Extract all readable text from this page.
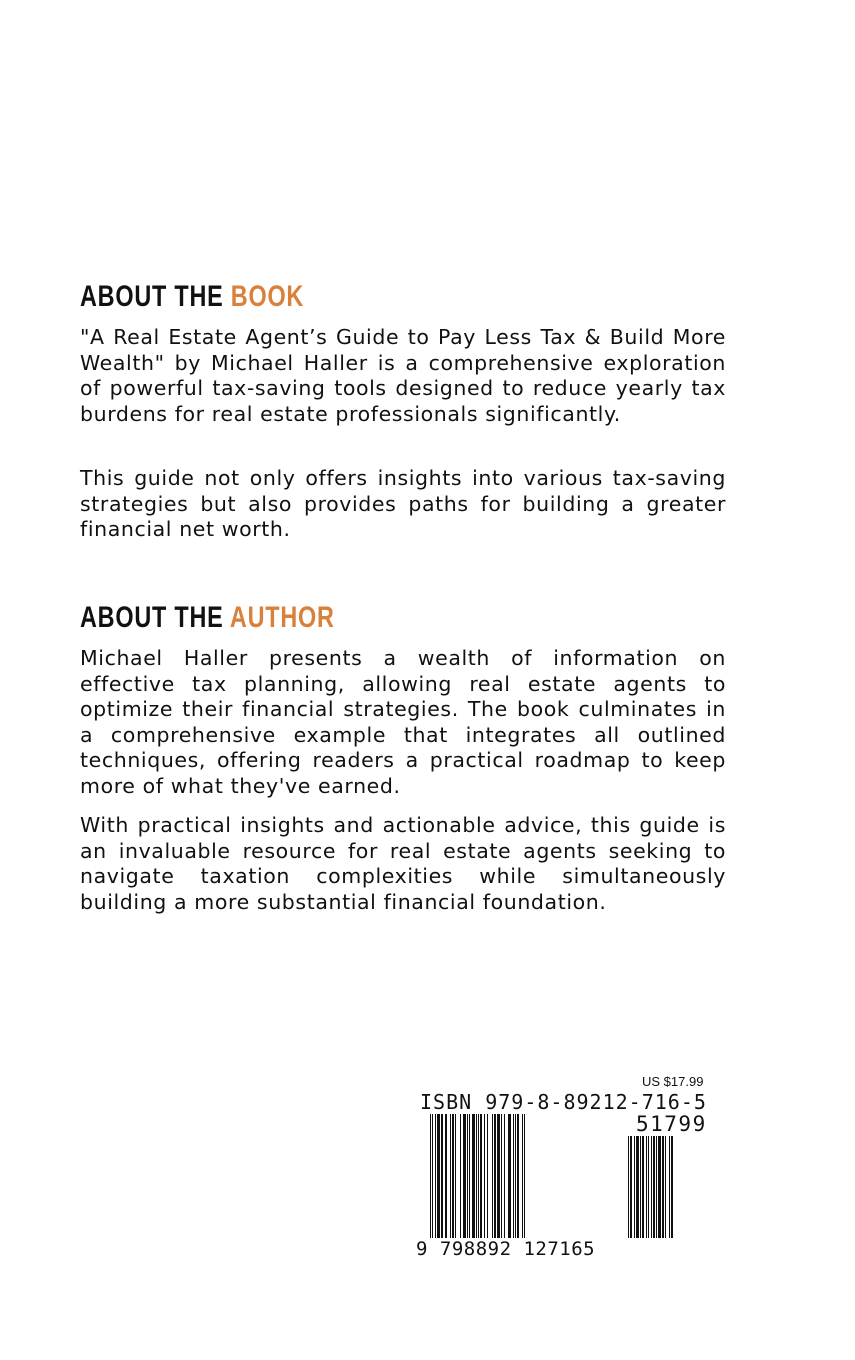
ABOUT THE BOOK

"A Real Estate Agent’s Guide to Pay Less Tax & Build More Wealth" by Michael Haller is a comprehensive exploration of powerful tax-saving tools designed to reduce yearly tax burdens for real estate professionals significantly.

This guide not only offers insights into various tax-saving strategies but also provides paths for building a greater financial net worth.

ABOUT THE AUTHOR

Michael Haller presents a wealth of information on effective tax planning, allowing real estate agents to optimize their financial strategies. The book culminates in a comprehensive example that integrates all outlined techniques, offering readers a practical roadmap to keep more of what they've earned.

With practical insights and actionable advice, this guide is an invaluable resource for real estate agents seeking to navigate taxation complexities while simultaneously building a more substantial financial foundation.

US $17.99
ISBN 979-8-89212-716-5
9 798892 127165
51799
